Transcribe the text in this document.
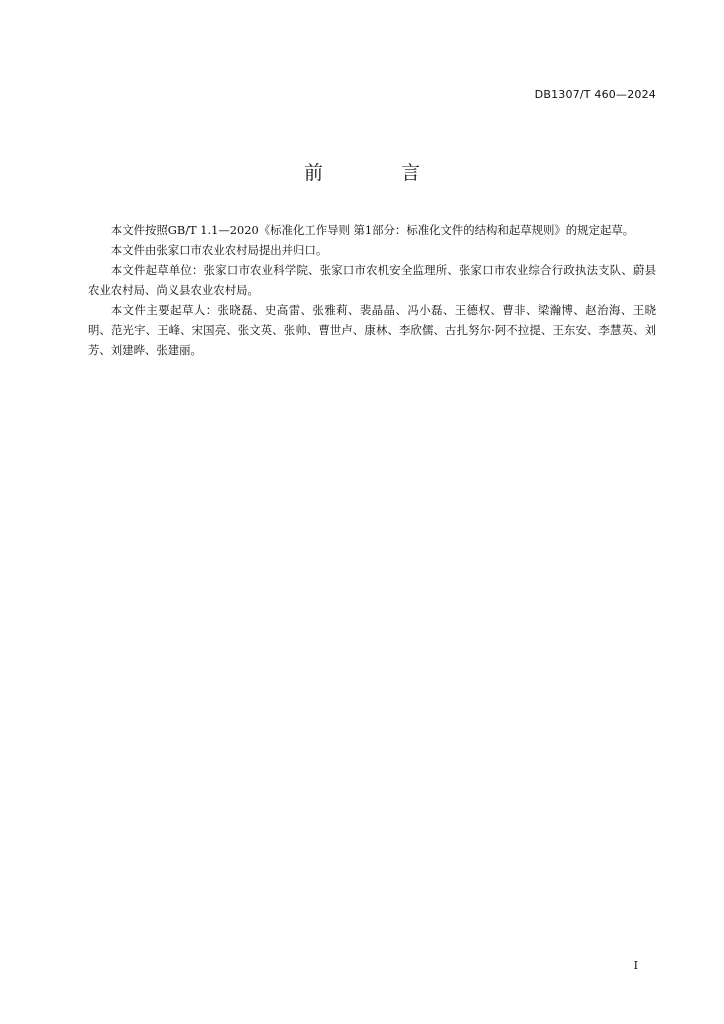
DB1307/T 460—2024
前 言

本文件按照GB/T 1.1—2020《标准化工作导则 第1部分：标准化文件的结构和起草规则》的规定起草。

本文件由张家口市农业农村局提出并归口。

本文件起草单位：张家口市农业科学院、张家口市农机安全监理所、张家口市农业综合行政执法支队、蔚县农业农村局、尚义县农业农村局。

本文件主要起草人：张晓磊、史高雷、张雅莉、裴晶晶、冯小磊、王德权、曹非、梁瀚博、赵治海、王晓明、范光宇、王峰、宋国亮、张文英、张帅、曹世卢、康林、李欣儒、古扎努尔·阿不拉提、王东安、李慧英、刘芳、刘建晔、张建丽。

I
